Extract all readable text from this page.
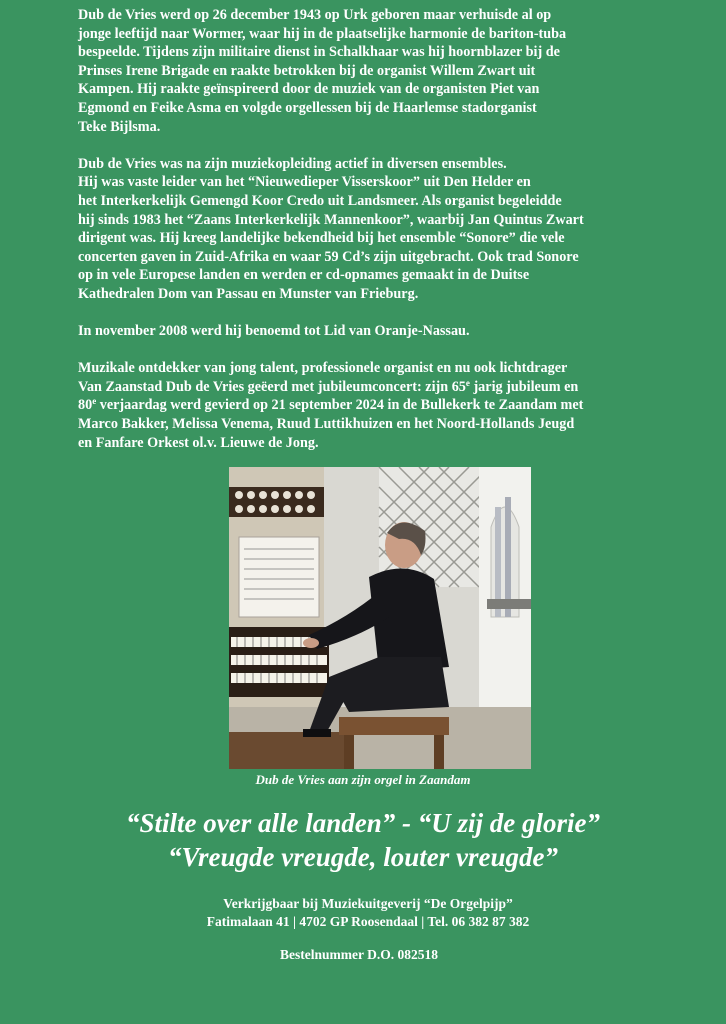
Dub de Vries werd op 26 december 1943 op Urk geboren maar verhuisde al op
jonge leeftijd naar Wormer, waar hij in de plaatselijke harmonie de bariton-tuba
bespeelde. Tijdens zijn militaire dienst in Schalkhaar was hij hoornblazer bij de
Prinses Irene Brigade en raakte betrokken bij de organist Willem Zwart uit
Kampen. Hij raakte geïnspireerd door de muziek van de organisten Piet van
Egmond en Feike Asma en volgde orgellessen bij de Haarlemse stadorganist
Teke Bijlsma.

Dub de Vries was na zijn muziekopleiding actief in diversen ensembles.
Hij was vaste leider van het “Nieuwedieper Visserskoor” uit Den Helder en
het Interkerkelijk Gemengd Koor Credo uit Landsmeer. Als organist begeleidde
hij sinds 1983 het “Zaans Interkerkelijk Mannenkoor”, waarbij Jan Quintus Zwart
dirigent was. Hij kreeg landelijke bekendheid bij het ensemble “Sonore” die vele
concerten gaven in Zuid-Afrika en waar 59 Cd’s zijn uitgebracht. Ook trad Sonore
op in vele Europese landen en werden er cd-opnames gemaakt in de Duitse
Kathedralen Dom van Passau en Munster van Frieburg.

In november 2008 werd hij benoemd tot Lid van Oranje-Nassau.

Muzikale ontdekker van jong talent, professionele organist en nu ook lichtdrager
Van Zaanstad Dub de Vries geëerd met jubileumconcert: zijn 65e jarig jubileum en
80e verjaardag werd gevierd op 21 september 2024 in de Bullekerk te Zaandam met
Marco Bakker, Melissa Venema, Ruud Luttikhuizen en het Noord-Hollands Jeugd
en Fanfare Orkest ol.v. Lieuwe de Jong.

Dub de Vries aan zijn orgel in Zaandam
“Stilte over alle landen” - “U zij de glorie”
“Vreugde vreugde, louter vreugde”
Verkrijgbaar bij Muziekuitgeverij “De Orgelpijp”
Fatimalaan 41 | 4702 GP Roosendaal | Tel. 06 382 87 382
Bestelnummer D.O. 082518
